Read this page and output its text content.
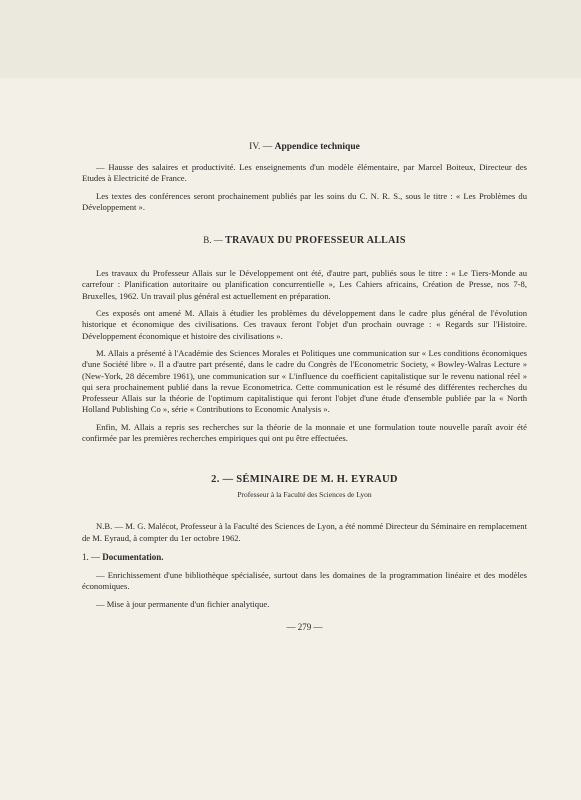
IV. — Appendice technique

— Hausse des salaires et productivité. Les enseignements d'un modèle élémentaire, par Marcel Boiteux, Directeur des Etudes à Electricité de France.

Les textes des conférences seront prochainement publiés par les soins du C. N. R. S., sous le titre : « Les Problèmes du Développement ».

B. — TRAVAUX DU PROFESSEUR ALLAIS

Les travaux du Professeur Allais sur le Développement ont été, d'autre part, publiés sous le titre : « Le Tiers-Monde au carrefour : Planification autoritaire ou planification concurrentielle », Les Cahiers africains, Création de Presse, nos 7-8, Bruxelles, 1962. Un travail plus général est actuellement en préparation.

Ces exposés ont amené M. Allais à étudier les problèmes du développement dans le cadre plus général de l'évolution historique et économique des civilisations. Ces travaux feront l'objet d'un prochain ouvrage : « Regards sur l'Histoire. Développement économique et histoire des civilisations ».

M. Allais a présenté à l'Académie des Sciences Morales et Politiques une communication sur « Les conditions économiques d'une Société libre ». Il a d'autre part présenté, dans le cadre du Congrès de l'Econometric Society, « Bowley-Walras Lecture » (New-York, 28 décembre 1961), une communication sur « L'influence du coefficient capitalistique sur le revenu national réel » qui sera prochainement publié dans la revue Econometrica. Cette communication est le résumé des différentes recherches du Professeur Allais sur la théorie de l'optimum capitalistique qui feront l'objet d'une étude d'ensemble publiée par la « North Holland Publishing Co », série « Contributions to Economic Analysis ».

Enfin, M. Allais a repris ses recherches sur la théorie de la monnaie et une formulation toute nouvelle paraît avoir été confirmée par les premières recherches empiriques qui ont pu être effectuées.

2. — SÉMINAIRE DE M. H. EYRAUD
Professeur à la Faculté des Sciences de Lyon

N.B. — M. G. Malécot, Professeur à la Faculté des Sciences de Lyon, a été nommé Directeur du Séminaire en remplacement de M. Eyraud, à compter du 1er octobre 1962.

1. — Documentation.

— Enrichissement d'une bibliothèque spécialisée, surtout dans les domaines de la programmation linéaire et des modèles économiques.

— Mise à jour permanente d'un fichier analytique.

— 279 —
